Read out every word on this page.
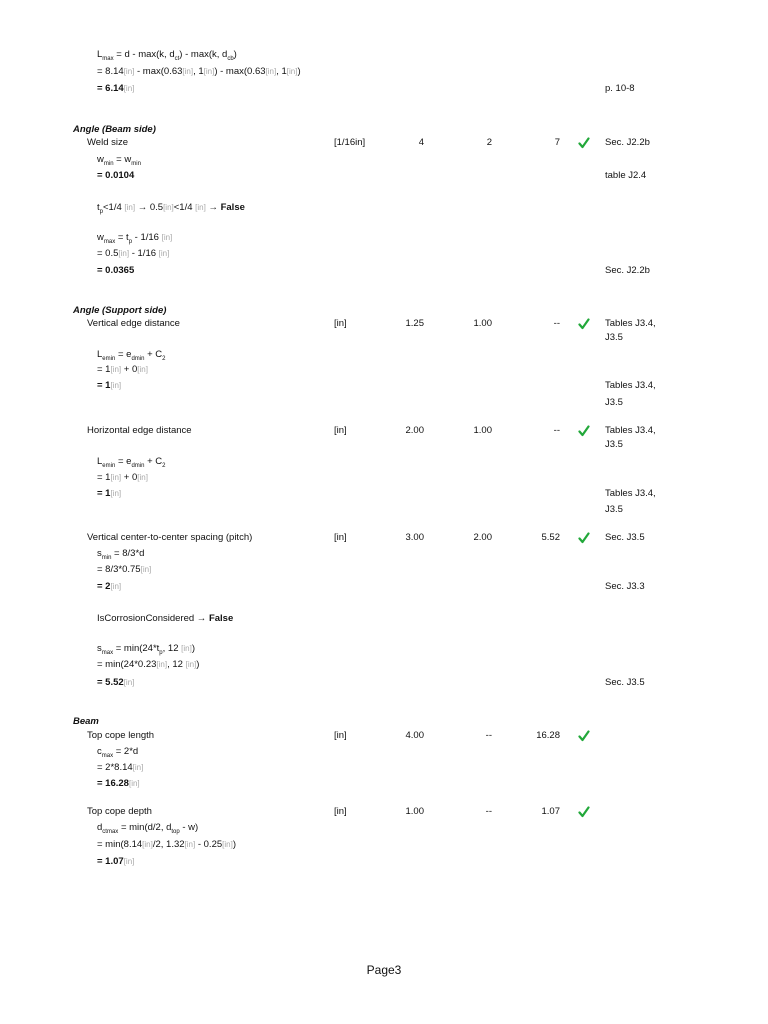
$L_{max} = d - \max(k$, $d_{ct}) - \max(k$, $d_{cb}$)
= 8.14[in] - max(0.63[in], 1[in]) - max(0.63[in], 1[in])
= 6.14[in]	p. 10-8
Angle (Beam side)
Weld size	[1/16in]	4	2	7	Sec. J2.2b
$w_{min} = w_{min}$
= 0.0104	table J2.4
$t_p<1/4$ [in] → 0.5[in]<1/4 [in] → False
$w_{max} = t_p - 1/16$ [in]
= 0.5[in] - 1/16 [in]
= 0.0365	Sec. J2.2b
Angle (Support side)
Vertical edge distance	[in]	1.25	1.00	--	Tables J3.4,
J3.5
$L_{emin} = e_{dmin} + C_2$
= 1[in] + 0[in]
= 1[in]	Tables J3.4,
J3.5
Horizontal edge distance	[in]	2.00	1.00	--	Tables J3.4,
J3.5
$L_{emin} = e_{dmin} + C_2$
= 1[in] + 0[in]
= 1[in]	Tables J3.4,
J3.5
Vertical center-to-center spacing (pitch)	[in]	3.00	2.00	5.52	Sec. J3.5
$s_{min} = 8/3*d$
= 8/3*0.75[in]
= 2[in]	Sec. J3.3
IsCorrosionConsidered → False
$s_{max} = \min(24*t_p$, 12 [in])
= min(24*0.23[in], 12 [in])
= 5.52[in]	Sec. J3.5
Beam
Top cope length	[in]	4.00	--	16.28
$c_{max} = 2*d$
= 2*8.14[in]
= 16.28[in]
Top cope depth	[in]	1.00	--	1.07
$d_{ctmax} = \min(d/2$, $d_{top} - w$)
= min(8.14[in]/2, 1.32[in] - 0.25[in])
= 1.07[in]
Page3
